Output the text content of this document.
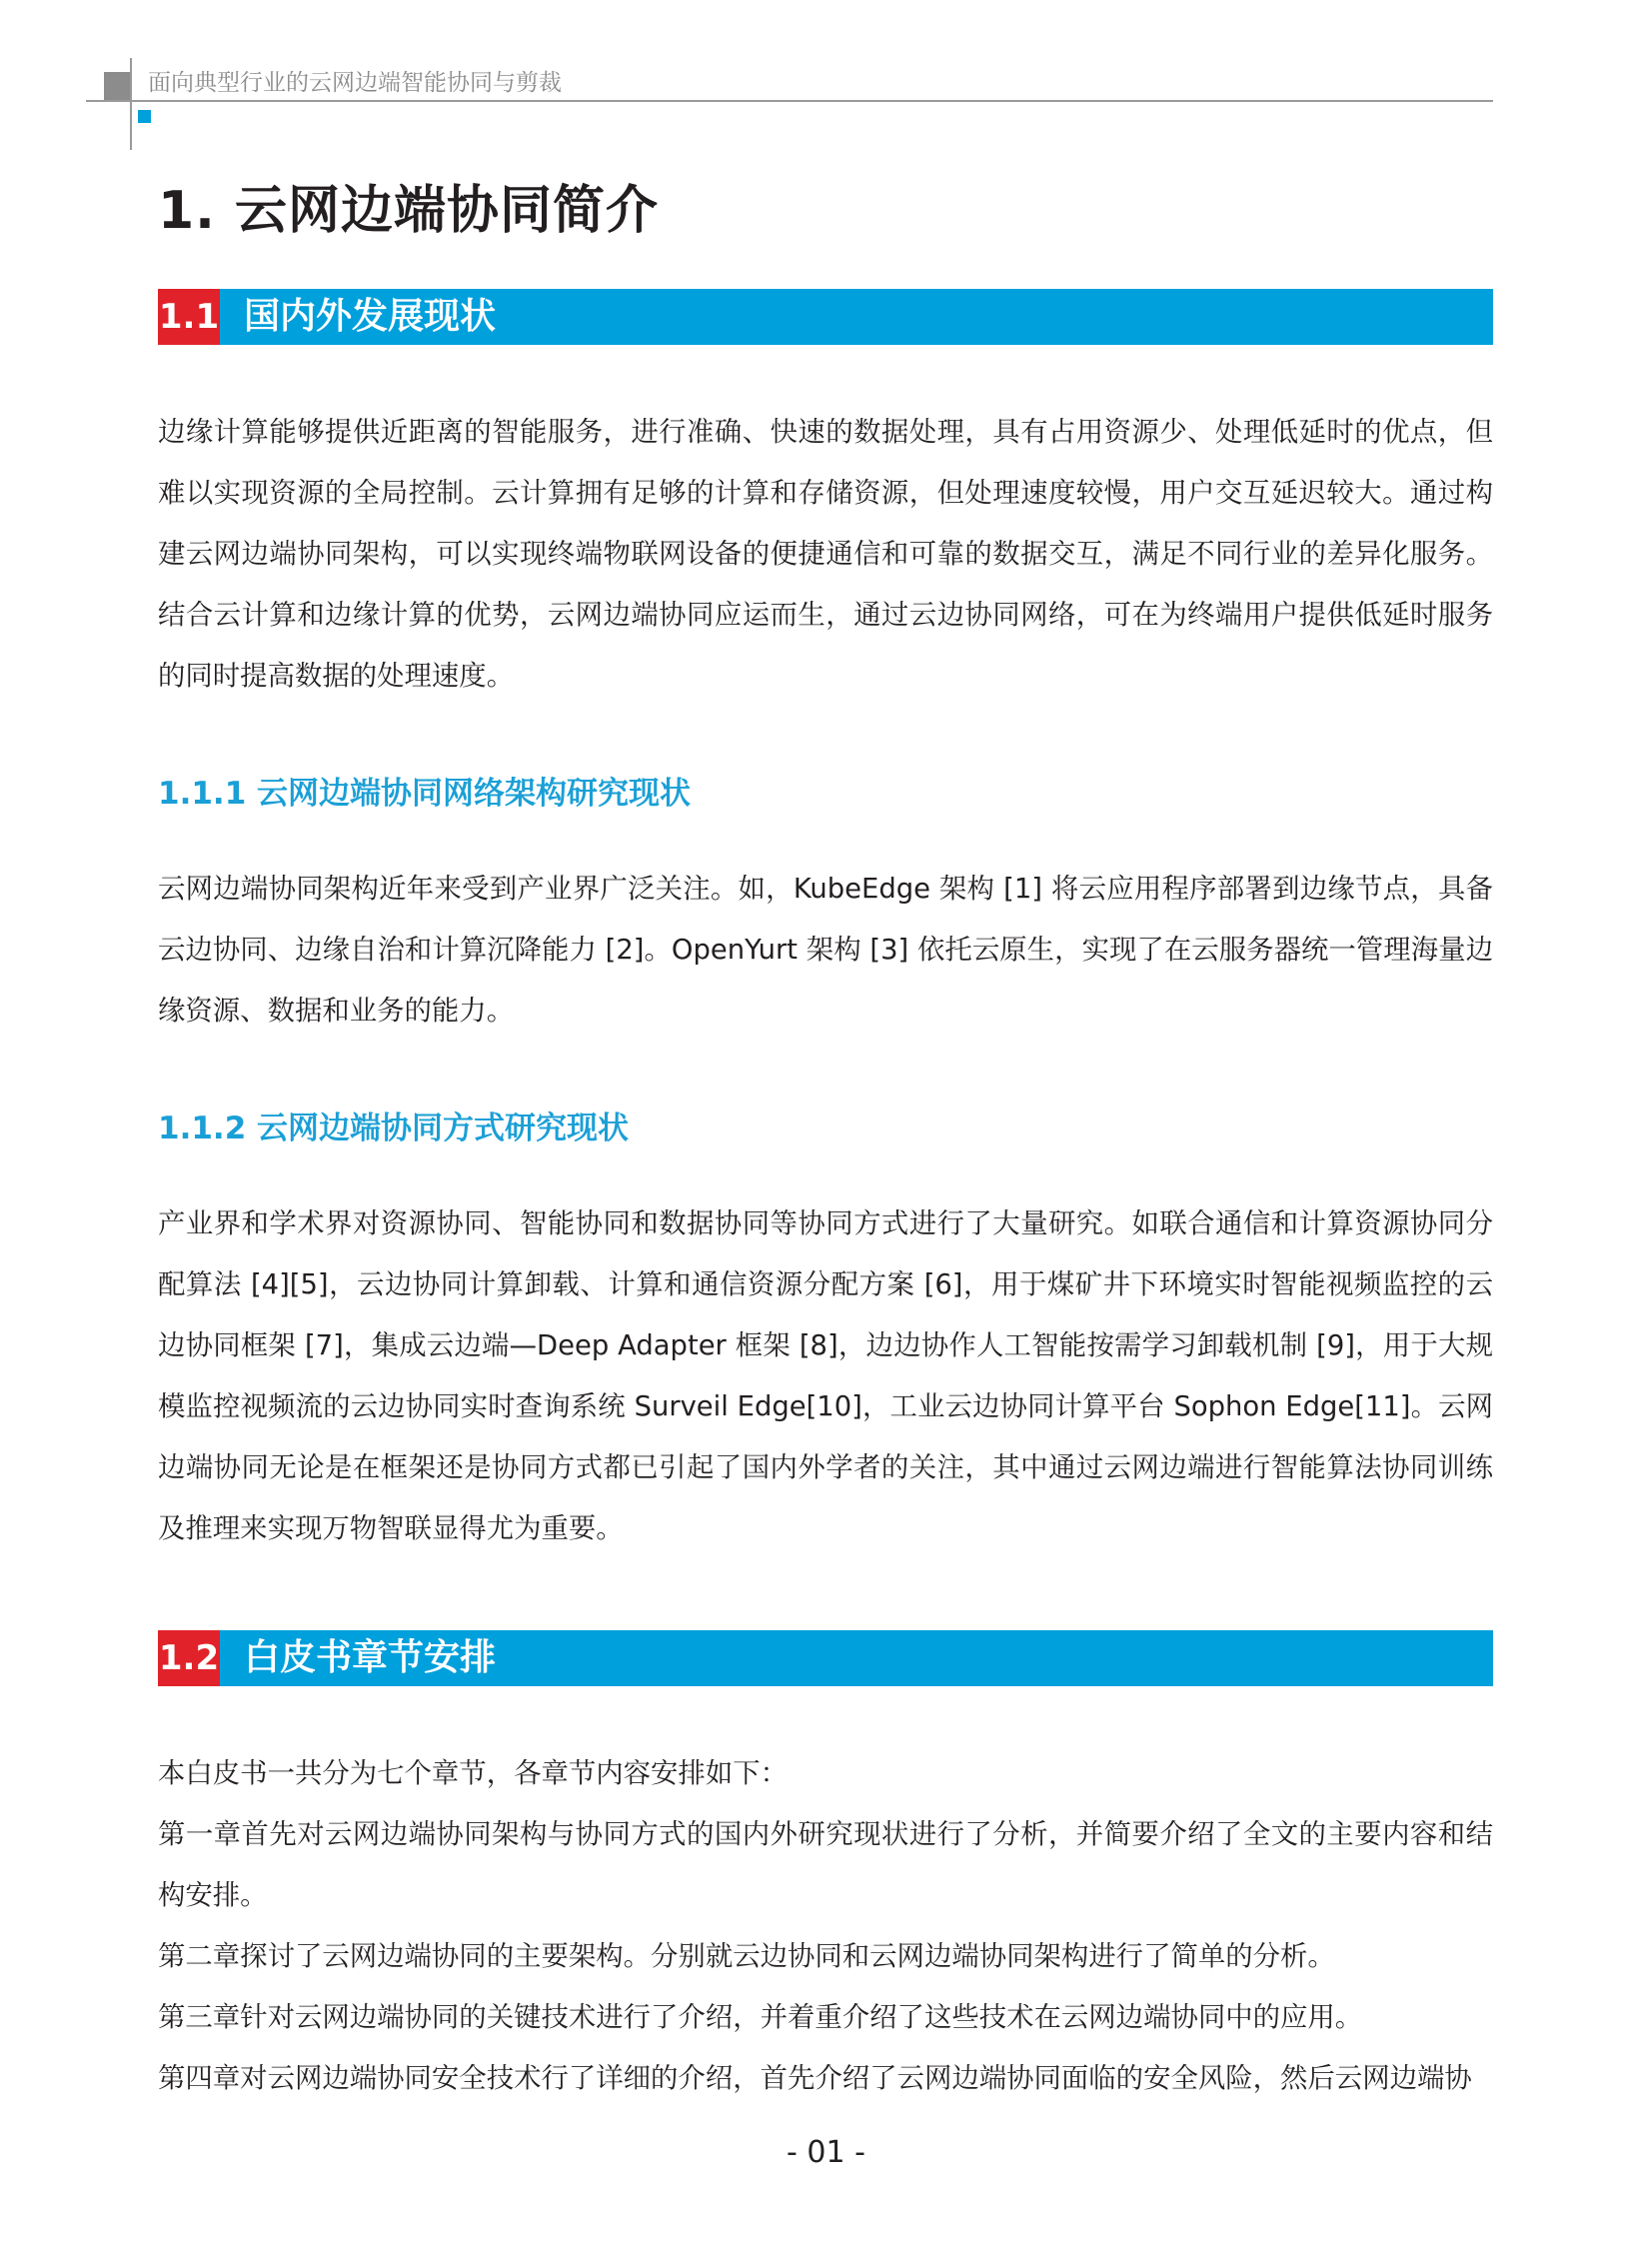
面向典型行业的云网边端智能协同与剪裁
1. 云网边端协同简介
1.1 国内外发展现状

边缘计算能够提供近距离的智能服务，进行准确、快速的数据处理，具有占用资源少、处理低延时的优点，但难以实现资源的全局控制。云计算拥有足够的计算和存储资源，但处理速度较慢，用户交互延迟较大。通过构建云网边端协同架构，可以实现终端物联网设备的便捷通信和可靠的数据交互，满足不同行业的差异化服务。结合云计算和边缘计算的优势，云网边端协同应运而生，通过云边协同网络，可在为终端用户提供低延时服务的同时提高数据的处理速度。

1.1.1 云网边端协同网络架构研究现状

云网边端协同架构近年来受到产业界广泛关注。如，KubeEdge 架构 [1] 将云应用程序部署到边缘节点，具备云边协同、边缘自治和计算沉降能力 [2]。OpenYurt 架构 [3] 依托云原生，实现了在云服务器统一管理海量边缘资源、数据和业务的能力。

1.1.2 云网边端协同方式研究现状

产业界和学术界对资源协同、智能协同和数据协同等协同方式进行了大量研究。如联合通信和计算资源协同分配算法 [4][5]，云边协同计算卸载、计算和通信资源分配方案 [6]，用于煤矿井下环境实时智能视频监控的云边协同框架 [7]，集成云边端—Deep Adapter 框架 [8]，边边协作人工智能按需学习卸载机制 [9]，用于大规模监控视频流的云边协同实时查询系统 Surveil Edge[10]，工业云边协同计算平台 Sophon Edge[11]。云网边端协同无论是在框架还是协同方式都已引起了国内外学者的关注，其中通过云网边端进行智能算法协同训练及推理来实现万物智联显得尤为重要。

1.2 白皮书章节安排
本白皮书一共分为七个章节，各章节内容安排如下：
第一章首先对云网边端协同架构与协同方式的国内外研究现状进行了分析，并简要介绍了全文的主要内容和结构安排。
第二章探讨了云网边端协同的主要架构。分别就云边协同和云网边端协同架构进行了简单的分析。
第三章针对云网边端协同的关键技术进行了介绍，并着重介绍了这些技术在云网边端协同中的应用。
第四章对云网边端协同安全技术行了详细的介绍，首先介绍了云网边端协同面临的安全风险，然后云网边端协
- 01 -
